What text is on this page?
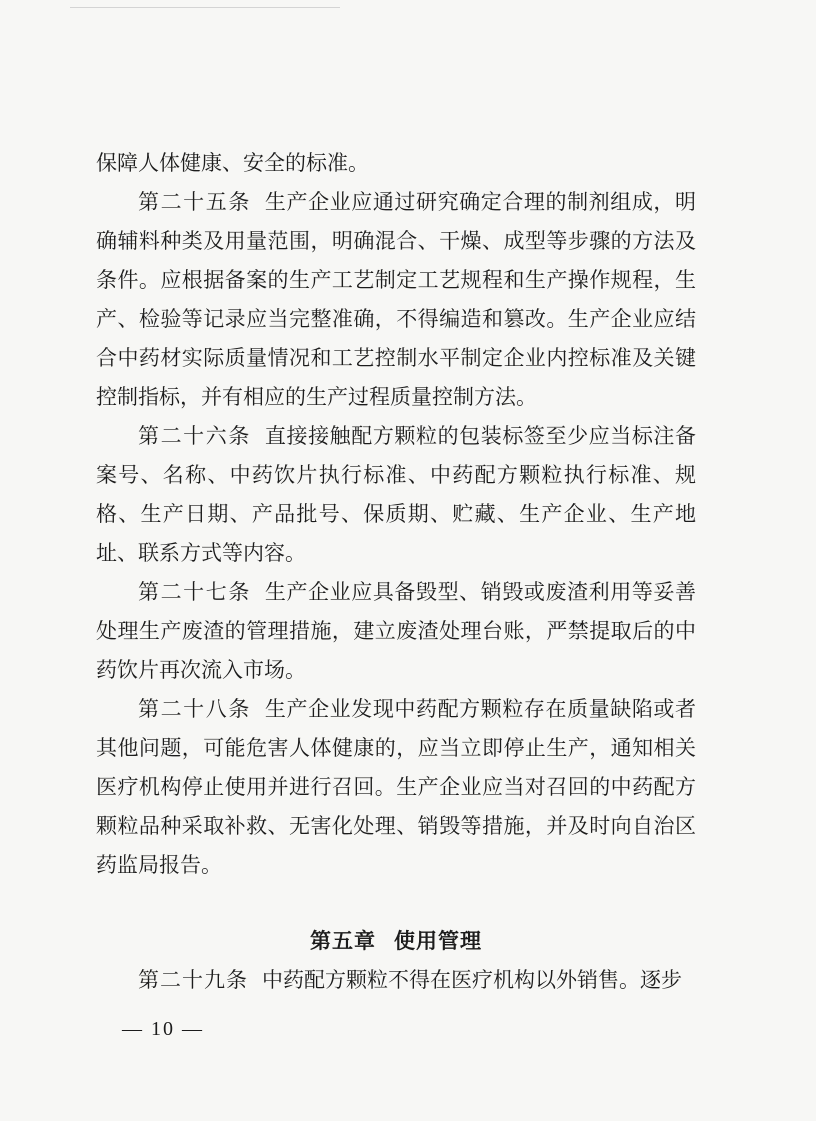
保障人体健康、安全的标准。

第二十五条 生产企业应通过研究确定合理的制剂组成，明确辅料种类及用量范围，明确混合、干燥、成型等步骤的方法及条件。应根据备案的生产工艺制定工艺规程和生产操作规程，生产、检验等记录应当完整准确，不得编造和篡改。生产企业应结合中药材实际质量情况和工艺控制水平制定企业内控标准及关键控制指标，并有相应的生产过程质量控制方法。

第二十六条 直接接触配方颗粒的包装标签至少应当标注备案号、名称、中药饮片执行标准、中药配方颗粒执行标准、规格、生产日期、产品批号、保质期、贮藏、生产企业、生产地址、联系方式等内容。

第二十七条 生产企业应具备毁型、销毁或废渣利用等妥善处理生产废渣的管理措施，建立废渣处理台账，严禁提取后的中药饮片再次流入市场。

第二十八条 生产企业发现中药配方颗粒存在质量缺陷或者其他问题，可能危害人体健康的，应当立即停止生产，通知相关医疗机构停止使用并进行召回。生产企业应当对召回的中药配方颗粒品种采取补救、无害化处理、销毁等措施，并及时向自治区药监局报告。

第五章 使用管理

第二十九条 中药配方颗粒不得在医疗机构以外销售。逐步

— 10 —
